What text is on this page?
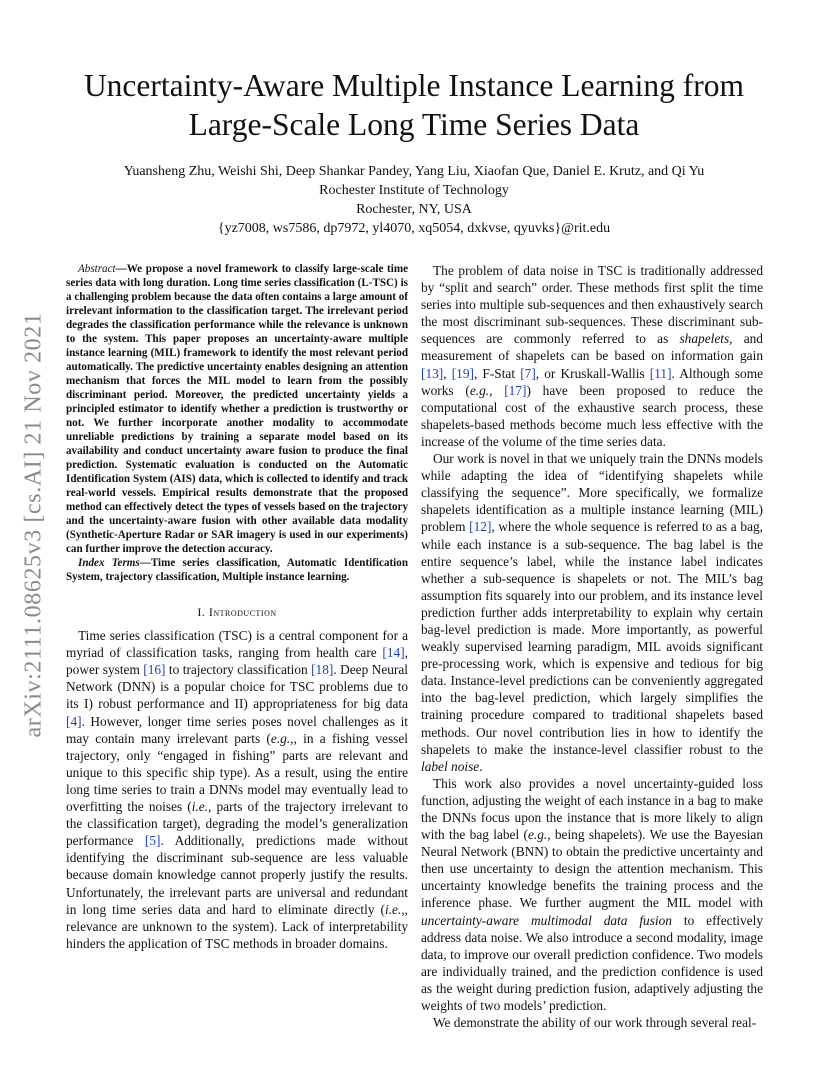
arXiv:2111.08625v3 [cs.AI] 21 Nov 2021
Uncertainty-Aware Multiple Instance Learning from
Large-Scale Long Time Series Data
Yuansheng Zhu, Weishi Shi, Deep Shankar Pandey, Yang Liu, Xiaofan Que, Daniel E. Krutz, and Qi Yu
Rochester Institute of Technology
Rochester, NY, USA
{yz7008, ws7586, dp7972, yl4070, xq5054, dxkvse, qyuvks}@rit.edu

Abstract—We propose a novel framework to classify large-scale time series data with long duration. Long time series classification (L-TSC) is a challenging problem because the data often contains a large amount of irrelevant information to the classification target. The irrelevant period degrades the classification performance while the relevance is unknown to the system. This paper proposes an uncertainty-aware multiple instance learning (MIL) framework to identify the most relevant period automatically. The predictive uncertainty enables designing an attention mechanism that forces the MIL model to learn from the possibly discriminant period. Moreover, the predicted uncertainty yields a principled estimator to identify whether a prediction is trustworthy or not. We further incorporate another modality to accommodate unreliable predictions by training a separate model based on its availability and conduct uncertainty aware fusion to produce the final prediction. Systematic evaluation is conducted on the Automatic Identification System (AIS) data, which is collected to identify and track real-world vessels. Empirical results demonstrate that the proposed method can effectively detect the types of vessels based on the trajectory and the uncertainty-aware fusion with other available data modality (Synthetic-Aperture Radar or SAR imagery is used in our experiments) can further improve the detection accuracy.

Index Terms—Time series classification, Automatic Identification System, trajectory classification, Multiple instance learning.

I. Introduction

Time series classification (TSC) is a central component for a myriad of classification tasks, ranging from health care [14], power system [16] to trajectory classification [18]. Deep Neural Network (DNN) is a popular choice for TSC problems due to its I) robust performance and II) appropriateness for big data [4]. However, longer time series poses novel challenges as it may contain many irrelevant parts (e.g.,, in a fishing vessel trajectory, only “engaged in fishing” parts are relevant and unique to this specific ship type). As a result, using the entire long time series to train a DNNs model may eventually lead to overfitting the noises (i.e., parts of the trajectory irrelevant to the classification target), degrading the model’s generalization performance [5]. Additionally, predictions made without identifying the discriminant sub-sequence are less valuable because domain knowledge cannot properly justify the results. Unfortunately, the irrelevant parts are universal and redundant in long time series data and hard to eliminate directly (i.e.,, relevance are unknown to the system). Lack of interpretability hinders the application of TSC methods in broader domains.

The problem of data noise in TSC is traditionally addressed by “split and search” order. These methods first split the time series into multiple sub-sequences and then exhaustively search the most discriminant sub-sequences. These discriminant sub-sequences are commonly referred to as shapelets, and measurement of shapelets can be based on information gain [13], [19], F-Stat [7], or Kruskall-Wallis [11]. Although some works (e.g., [17]) have been proposed to reduce the computational cost of the exhaustive search process, these shapelets-based methods become much less effective with the increase of the volume of the time series data.

Our work is novel in that we uniquely train the DNNs models while adapting the idea of “identifying shapelets while classifying the sequence”. More specifically, we formalize shapelets identification as a multiple instance learning (MIL) problem [12], where the whole sequence is referred to as a bag, while each instance is a sub-sequence. The bag label is the entire sequence’s label, while the instance label indicates whether a sub-sequence is shapelets or not. The MIL’s bag assumption fits squarely into our problem, and its instance level prediction further adds interpretability to explain why certain bag-level prediction is made. More importantly, as powerful weakly supervised learning paradigm, MIL avoids significant pre-processing work, which is expensive and tedious for big data. Instance-level predictions can be conveniently aggregated into the bag-level prediction, which largely simplifies the training procedure compared to traditional shapelets based methods. Our novel contribution lies in how to identify the shapelets to make the instance-level classifier robust to the label noise.

This work also provides a novel uncertainty-guided loss function, adjusting the weight of each instance in a bag to make the DNNs focus upon the instance that is more likely to align with the bag label (e.g., being shapelets). We use the Bayesian Neural Network (BNN) to obtain the predictive uncertainty and then use uncertainty to design the attention mechanism. This uncertainty knowledge benefits the training process and the inference phase. We further augment the MIL model with uncertainty-aware multimodal data fusion to effectively address data noise. We also introduce a second modality, image data, to improve our overall prediction confidence. Two models are individually trained, and the prediction confidence is used as the weight during prediction fusion, adaptively adjusting the weights of two models’ prediction.

We demonstrate the ability of our work through several real-
